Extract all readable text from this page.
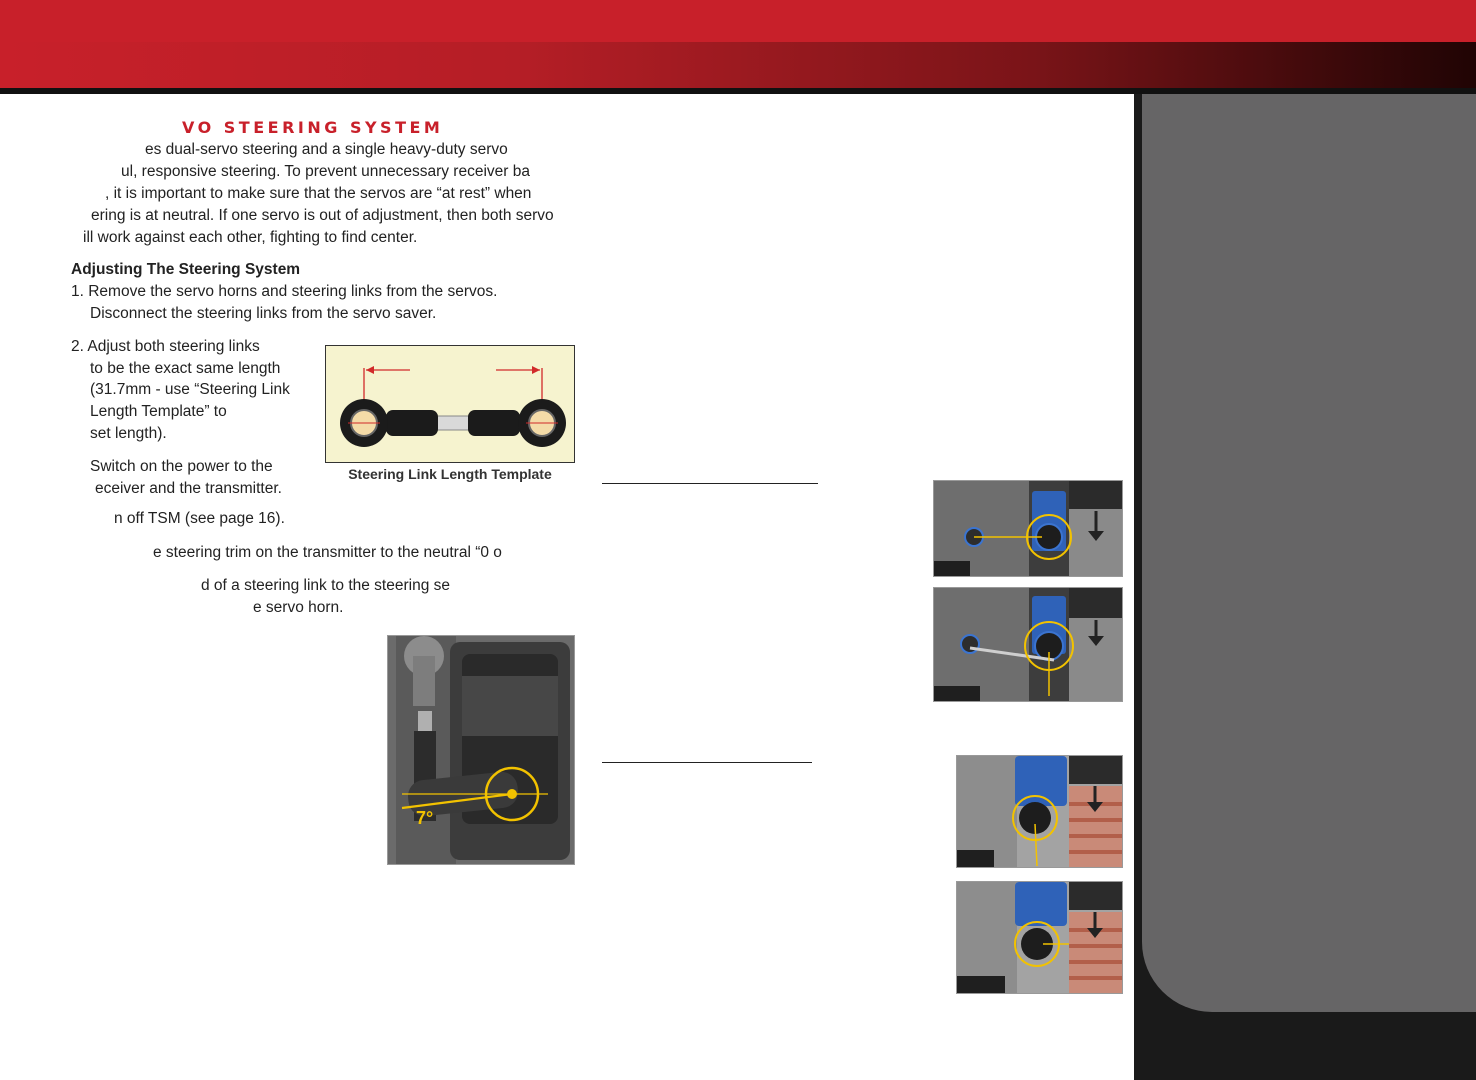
VO STEERING SYSTEM
es dual-servo steering and a single heavy-duty servo
ul, responsive steering. To prevent unnecessary receiver ba
, it is important to make sure that the servos are “at rest” when
ering is at neutral. If one servo is out of adjustment, then both servo
ill work against each other, fighting to find center.
Adjusting The Steering System
1. Remove the servo horns and steering links from the servos.
Disconnect the steering links from the servo saver.
2. Adjust both steering links
to be the exact same length
(31.7mm - use “Steering Link
Length Template” to
set length).
Switch on the power to the
eceiver and the transmitter.
n off TSM (see page 16).
e steering trim on the transmitter to the neutral “0 o
d of a steering link to the steering se
e servo horn.
Steering Link Length Template
7°
